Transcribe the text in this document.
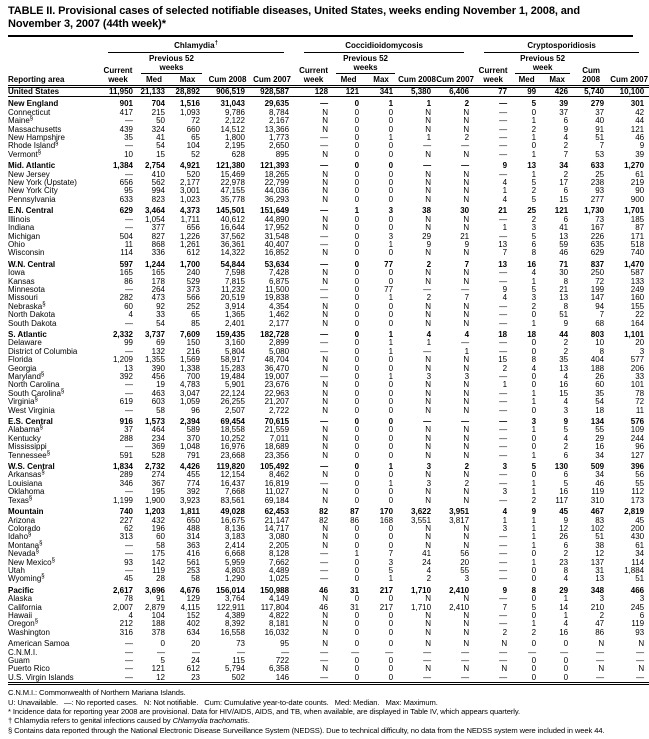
TABLE II. Provisional cases of selected notifiable diseases, United States, weeks ending November 1, 2008, and November 3, 2007 (44th week)*
Reporting area	Chlamydia†					Coccidioidomycosis					Cryptosporidiosis				

	Current week	Previous 52 weeks		Cum 2008	Cum 2007	Current week	Previous 52 weeks		Cum 2008	Cum 2007	Current week	Previous 52 week		Cum 2008	Cum 2007
		Med	Max				Med	Max				Med	Max		
United States	11,950	21,133	28,892	906,519	928,587	128	121	341	5,380	6,406	77	99	426	5,740	10,100

New England	901	704	1,516	31,043	29,635	—	0	1	1	2	—	5	39	279	301
Connecticut	417	215	1,093	9,786	8,784	N	0	0	N	N	—	0	37	37	42
Maine§	—	50	72	2,122	2,167	N	0	0	N	N	—	1	6	40	44
Massachusetts	439	324	660	14,512	13,366	N	0	0	N	N	—	2	9	91	121
New Hampshire	35	41	65	1,800	1,773	—	0	1	1	2	—	1	4	51	46
Rhode Island§	—	54	104	2,195	2,650	—	0	0	—	—	—	0	2	7	9
Vermont§	10	15	52	628	895	N	0	0	N	N	—	1	7	53	39

Mid. Atlantic	1,384	2,754	4,921	121,380	121,393	—	0	0	—	—	9	13	34	633	1,270
New Jersey	—	410	520	15,469	18,265	N	0	0	N	N	—	1	2	25	61
New York (Upstate)	656	562	2,177	22,978	22,799	N	0	0	N	N	4	5	17	238	219
New York City	95	994	3,001	47,155	44,036	N	0	0	N	N	1	2	6	93	90
Pennsylvania	633	823	1,023	35,778	36,293	N	0	0	N	N	4	5	15	277	900

E.N. Central	629	3,464	4,373	145,501	151,649	—	1	3	38	30	21	25	121	1,730	1,701
Illinois	—	1,054	1,711	40,612	44,890	N	0	0	N	N	—	2	6	73	185
Indiana	—	377	656	16,644	17,952	N	0	0	N	N	1	3	41	167	87
Michigan	504	827	1,226	37,562	31,548	—	0	3	29	21	—	5	13	226	171
Ohio	11	868	1,261	36,361	40,407	—	0	1	9	9	13	6	59	635	518
Wisconsin	114	336	612	14,322	16,852	N	0	0	N	N	7	8	46	629	740

W.N. Central	597	1,244	1,700	54,844	53,634	—	0	77	2	7	13	16	71	837	1,470
Iowa	165	165	240	7,598	7,428	N	0	0	N	N	—	4	30	250	587
Kansas	86	178	529	7,815	6,875	N	0	0	N	N	—	1	8	72	133
Minnesota	—	264	373	11,232	11,500	—	0	77	—	—	9	5	21	199	249
Missouri	282	473	566	20,519	19,838	—	0	1	2	7	4	3	13	147	160
Nebraska§	60	92	252	3,914	4,354	N	0	0	N	N	—	2	8	94	155
North Dakota	4	33	65	1,365	1,462	N	0	0	N	N	—	0	51	7	22
South Dakota	—	54	85	2,401	2,177	N	0	0	N	N	—	1	9	68	164

S. Atlantic	2,332	3,737	7,609	159,435	182,728	—	0	1	4	4	18	18	44	803	1,101
Delaware	99	69	150	3,160	2,899	—	0	1	1	—	—	0	2	10	20
District of Columbia	—	132	216	5,804	5,080	—	0	1	—	1	—	0	2	8	3
Florida	1,209	1,355	1,569	58,917	48,704	N	0	0	N	N	15	8	35	404	577
Georgia	13	390	1,338	15,283	36,470	N	0	0	N	N	2	4	13	188	206
Maryland§	392	456	700	19,484	19,007	—	0	1	3	3	—	0	4	26	33
North Carolina	—	19	4,783	5,901	23,676	N	0	0	N	N	1	0	16	60	101
South Carolina§	—	463	3,047	22,124	22,963	N	0	0	N	N	—	1	15	35	78
Virginia§	619	603	1,059	26,255	21,207	N	0	0	N	N	—	1	4	54	72
West Virginia	—	58	96	2,507	2,722	N	0	0	N	N	—	0	3	18	11

E.S. Central	916	1,573	2,394	69,454	70,615	—	0	0	—	—	—	3	9	134	576
Alabama§	37	464	589	18,558	21,559	N	0	0	N	N	—	1	5	55	109
Kentucky	288	234	370	10,252	7,011	N	0	0	N	N	—	0	4	29	244
Mississippi	—	369	1,048	16,976	18,689	N	0	0	N	N	—	0	2	16	96
Tennessee§	591	528	791	23,668	23,356	N	0	0	N	N	—	1	6	34	127

W.S. Central	1,834	2,732	4,426	119,820	105,492	—	0	1	3	2	3	5	130	509	396
Arkansas§	289	274	455	12,154	8,462	N	0	0	N	N	—	0	6	34	56
Louisiana	346	367	774	16,437	16,819	—	0	1	3	2	—	1	5	46	55
Oklahoma	—	195	392	7,668	11,027	N	0	0	N	N	3	1	16	119	112
Texas§	1,199	1,900	3,923	83,561	69,184	N	0	0	N	N	—	2	117	310	173

Mountain	740	1,203	1,811	49,028	62,453	82	87	170	3,622	3,951	4	9	45	467	2,819
Arizona	227	432	650	16,675	21,147	82	86	168	3,551	3,817	1	1	9	83	45
Colorado	62	196	488	8,136	14,717	N	0	0	N	N	3	1	12	102	200
Idaho§	313	60	314	3,183	3,080	N	0	0	N	N	—	1	26	51	430
Montana§	—	58	363	2,414	2,205	N	0	0	N	N	—	1	6	38	61
Nevada§	—	175	416	6,668	8,128	—	1	7	41	56	—	0	2	12	34
New Mexico§	93	142	561	5,959	7,662	—	0	3	24	20	—	1	23	137	114
Utah	—	119	253	4,803	4,489	—	0	5	4	55	—	0	8	31	1,884
Wyoming§	45	28	58	1,290	1,025	—	0	1	2	3	—	0	4	13	51

Pacific	2,617	3,696	4,676	156,014	150,988	46	31	217	1,710	2,410	9	8	29	348	466
Alaska	78	91	129	3,764	4,149	N	0	0	N	N	—	0	1	3	3
California	2,007	2,879	4,115	122,911	117,804	46	31	217	1,710	2,410	7	5	14	210	245
Hawaii	4	104	152	4,389	4,822	N	0	0	N	N	—	0	1	2	6
Oregon§	212	188	402	8,392	8,181	N	0	0	N	N	—	1	4	47	119
Washington	316	378	634	16,558	16,032	N	0	0	N	N	2	2	16	86	93

American Samoa	—	0	20	73	95	N	0	0	N	N	N	0	0	N	N
C.N.M.I.	—	—	—	—	—	—	—	—	—	—	—	—	—	—	—
Guam	—	5	24	115	722	—	0	0	—	—	—	0	0	—	—
Puerto Rico	—	121	612	5,794	6,358	N	0	0	N	N	N	0	0	N	N
U.S. Virgin Islands	—	12	23	502	146	—	0	0	—	—	—	0	0	—	—
C.N.M.I.: Commonwealth of Northern Mariana Islands.
U: Unavailable.   —: No reported cases.   N: Not notifiable.   Cum: Cumulative year-to-date counts.   Med: Median.   Max: Maximum.
* Incidence data for reporting year 2008 are provisional. Data for HIV/AIDS, AIDS, and TB, when available, are displayed in Table IV, which appears quarterly.
† Chlamydia refers to genital infections caused by Chlamydia trachomatis.
§ Contains data reported through the National Electronic Disease Surveillance System (NEDSS). Due to technical difficulty, no data from the NEDSS system were included in week 44.
